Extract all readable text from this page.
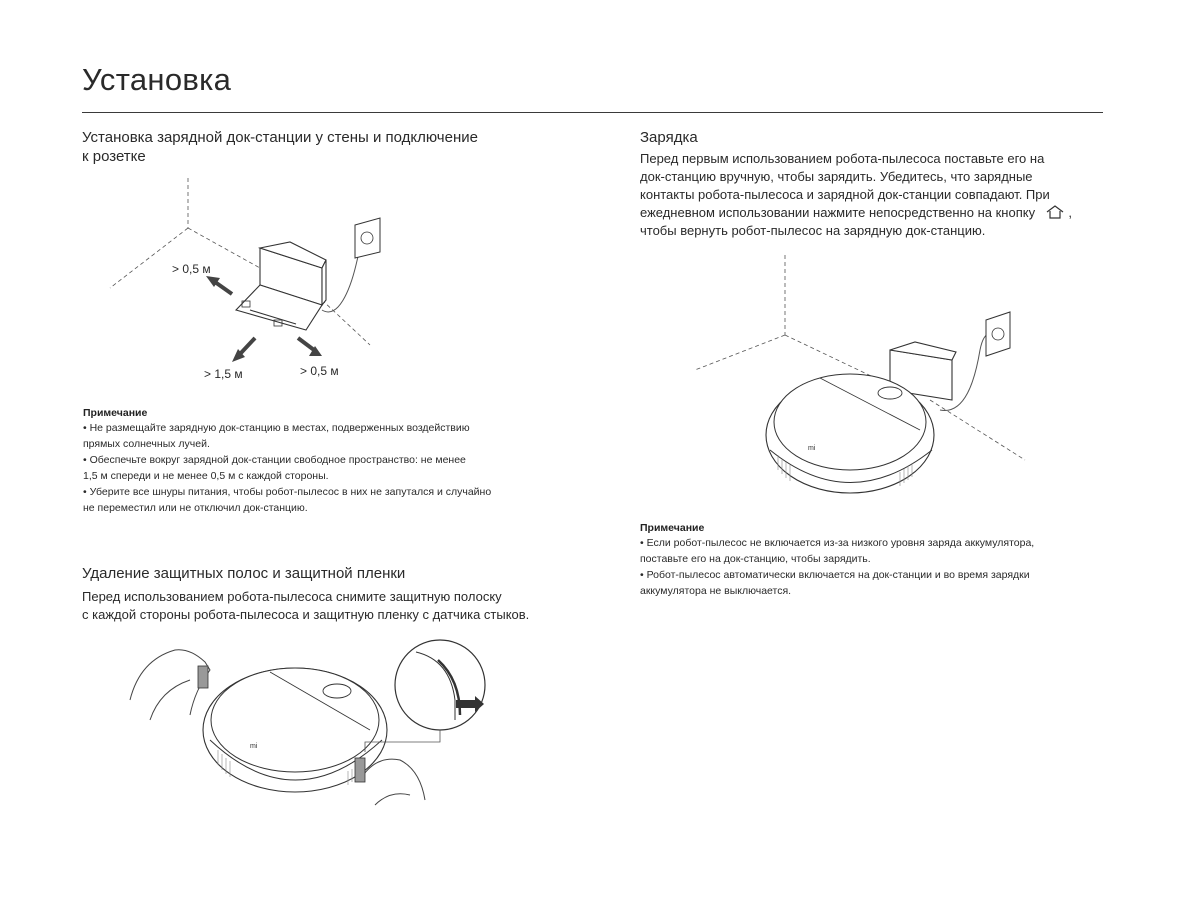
Установка
Установка зарядной док-станции у стены и подключение
к розетке
> 0,5 м
> 1,5 м	> 0,5 м
Примечание
• Не размещайте зарядную док-станцию в местах, подверженных воздействию
прямых солнечных лучей.
• Обеспечьте вокруг зарядной док-станции свободное пространство: не менее
1,5 м спереди и не менее 0,5 м с каждой стороны.
• Уберите все шнуры питания, чтобы робот-пылесос в них не запутался и случайно
не переместил или не отключил док-станцию.
Удаление защитных полос и защитной пленки
Перед использованием робота-пылесоса снимите защитную полоску
с каждой стороны робота-пылесоса и защитную пленку с датчика стыков.
mi
Зарядка
Перед первым использованием робота-пылесоса поставьте его на
док-станцию вручную, чтобы зарядить. Убедитесь, что зарядные
контакты робота-пылесоса и зарядной док-станции совпадают. При
ежедневном использовании нажмите непосредственно на кнопку	,
чтобы вернуть робот-пылесос на зарядную док-станцию.
mi
Примечание
• Если робот-пылесос не включается из-за низкого уровня заряда аккумулятора,
поставьте его на док-станцию, чтобы зарядить.
• Робот-пылесос автоматически включается на док-станции и во время зарядки
аккумулятора не выключается.
